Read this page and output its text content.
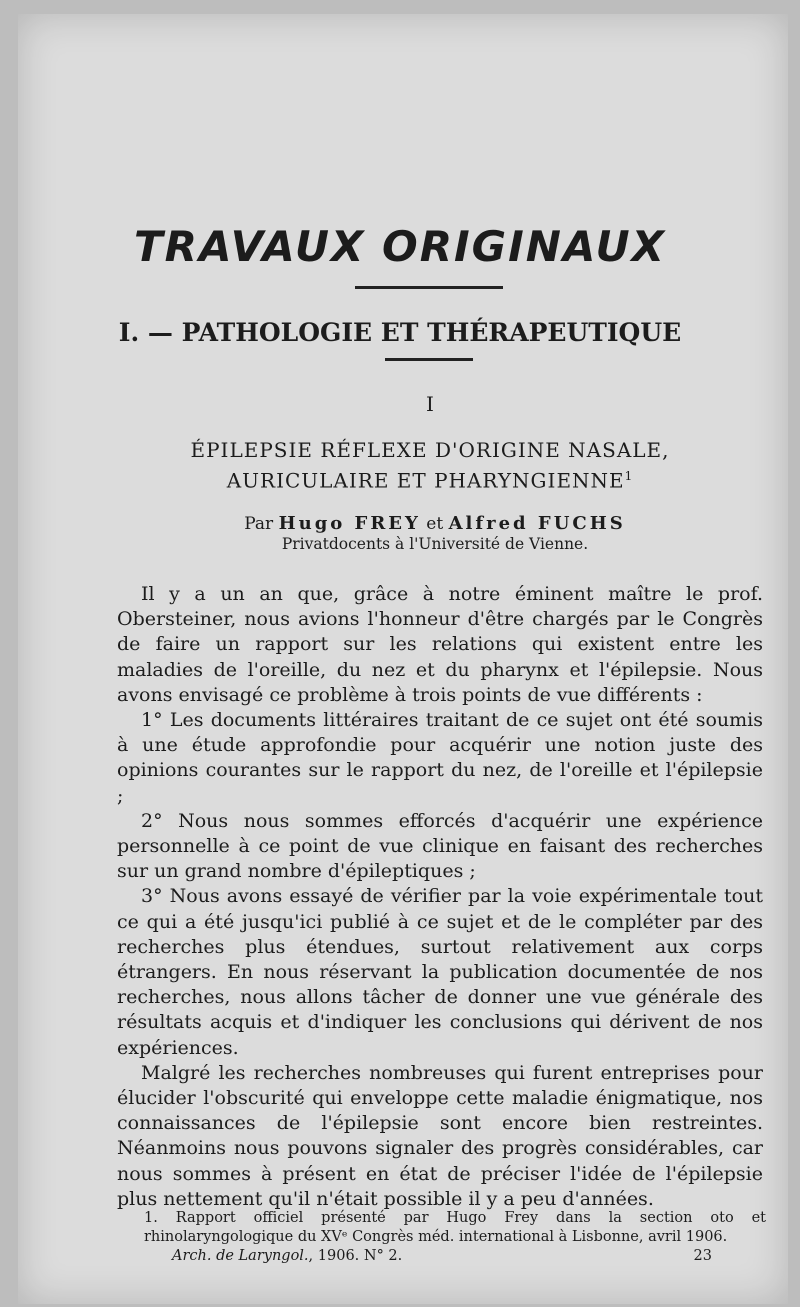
TRAVAUX ORIGINAUX
I. — PATHOLOGIE ET THÉRAPEUTIQUE
I
ÉPILEPSIE RÉFLEXE D'ORIGINE NASALE,
AURICULAIRE ET PHARYNGIENNE$^1$
Par Hugo FREY et Alfred FUCHS
Privatdocents à l'Université de Vienne.

Il y a un an que, grâce à notre éminent maître le prof. Obersteiner, nous avions l'honneur d'être chargés par le Congrès de faire un rapport sur les relations qui existent entre les maladies de l'oreille, du nez et du pharynx et l'épilepsie. Nous avons envisagé ce problème à trois points de vue différents :

1° Les documents littéraires traitant de ce sujet ont été soumis à une étude approfondie pour acquérir une notion juste des opinions courantes sur le rapport du nez, de l'oreille et l'épilepsie ;

2° Nous nous sommes efforcés d'acquérir une expérience personnelle à ce point de vue clinique en faisant des recherches sur un grand nombre d'épileptiques ;

3° Nous avons essayé de vérifier par la voie expérimentale tout ce qui a été jusqu'ici publié à ce sujet et de le compléter par des recherches plus étendues, surtout relativement aux corps étrangers. En nous réservant la publication documentée de nos recherches, nous allons tâcher de donner une vue générale des résultats acquis et d'indiquer les conclusions qui dérivent de nos expériences.

Malgré les recherches nombreuses qui furent entreprises pour élucider l'obscurité qui enveloppe cette maladie énigmatique, nos connaissances de l'épilepsie sont encore bien restreintes. Néanmoins nous pouvons signaler des progrès considérables, car nous sommes à présent en état de préciser l'idée de l'épilepsie plus nettement qu'il n'était possible il y a peu d'années.

1. Rapport officiel présenté par Hugo Frey dans la section oto et rhinolaryngologique du XVᵉ Congrès méd. international à Lisbonne, avril 1906.
Arch. de Laryngol., 1906. N° 2.	23
